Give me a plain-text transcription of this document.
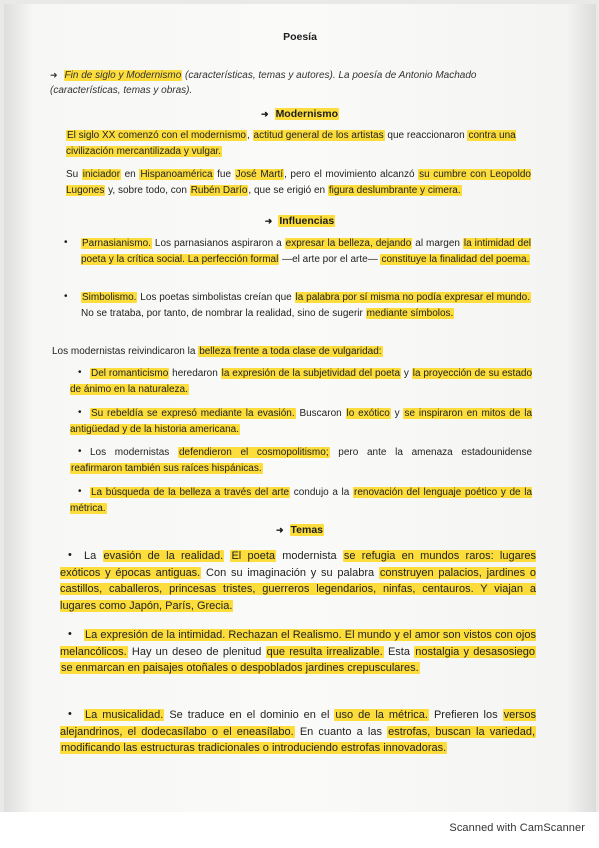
Poesía
➜ Fin de siglo y Modernismo (características, temas y autores). La poesía de Antonio Machado (características, temas y obras).
➜ Modernismo
El siglo XX comenzó con el modernismo, actitud general de los artistas que reaccionaron contra una civilización mercantilizada y vulgar.
Su iniciador en Hispanoamérica fue José Martí, pero el movimiento alcanzó su cumbre con Leopoldo Lugones y, sobre todo, con Rubén Darío, que se erigió en figura deslumbrante y cimera.
➜ Influencias
• Parnasianismo. Los parnasianos aspiraron a expresar la belleza, dejando al margen la intimidad del poeta y la crítica social. La perfección formal —el arte por el arte— constituye la finalidad del poema.
• Simbolismo. Los poetas simbolistas creían que la palabra por sí misma no podía expresar el mundo. No se trataba, por tanto, de nombrar la realidad, sino de sugerir mediante símbolos.
Los modernistas reivindicaron la belleza frente a toda clase de vulgaridad:
• Del romanticismo heredaron la expresión de la subjetividad del poeta y la proyección de su estado de ánimo en la naturaleza.
• Su rebeldía se expresó mediante la evasión. Buscaron lo exótico y se inspiraron en mitos de la antigüedad y de la historia americana.
• Los modernistas defendieron el cosmopolitismo; pero ante la amenaza estadounidense reafirmaron también sus raíces hispánicas.
• La búsqueda de la belleza a través del arte condujo a la renovación del lenguaje poético y de la métrica.
➜ Temas
•	La evasión de la realidad. El poeta modernista se refugia en mundos raros: lugares exóticos y épocas antiguas. Con su imaginación y su palabra construyen palacios, jardines o castillos, caballeros, princesas tristes, guerreros legendarios, ninfas, centauros. Y viajan a lugares como Japón, París, Grecia.
•	La expresión de la intimidad. Rechazan el Realismo. El mundo y el amor son vistos con ojos melancólicos. Hay un deseo de plenitud que resulta irrealizable. Esta nostalgia y desasosiego se enmarcan en paisajes otoñales o despoblados jardines crepusculares.
•	La musicalidad. Se traduce en el dominio en el uso de la métrica. Prefieren los versos alejandrinos, el dodecasílabo o el eneasílabo. En cuanto a las estrofas, buscan la variedad, modificando las estructuras tradicionales o introduciendo estrofas innovadoras.
Scanned with CamScanner
